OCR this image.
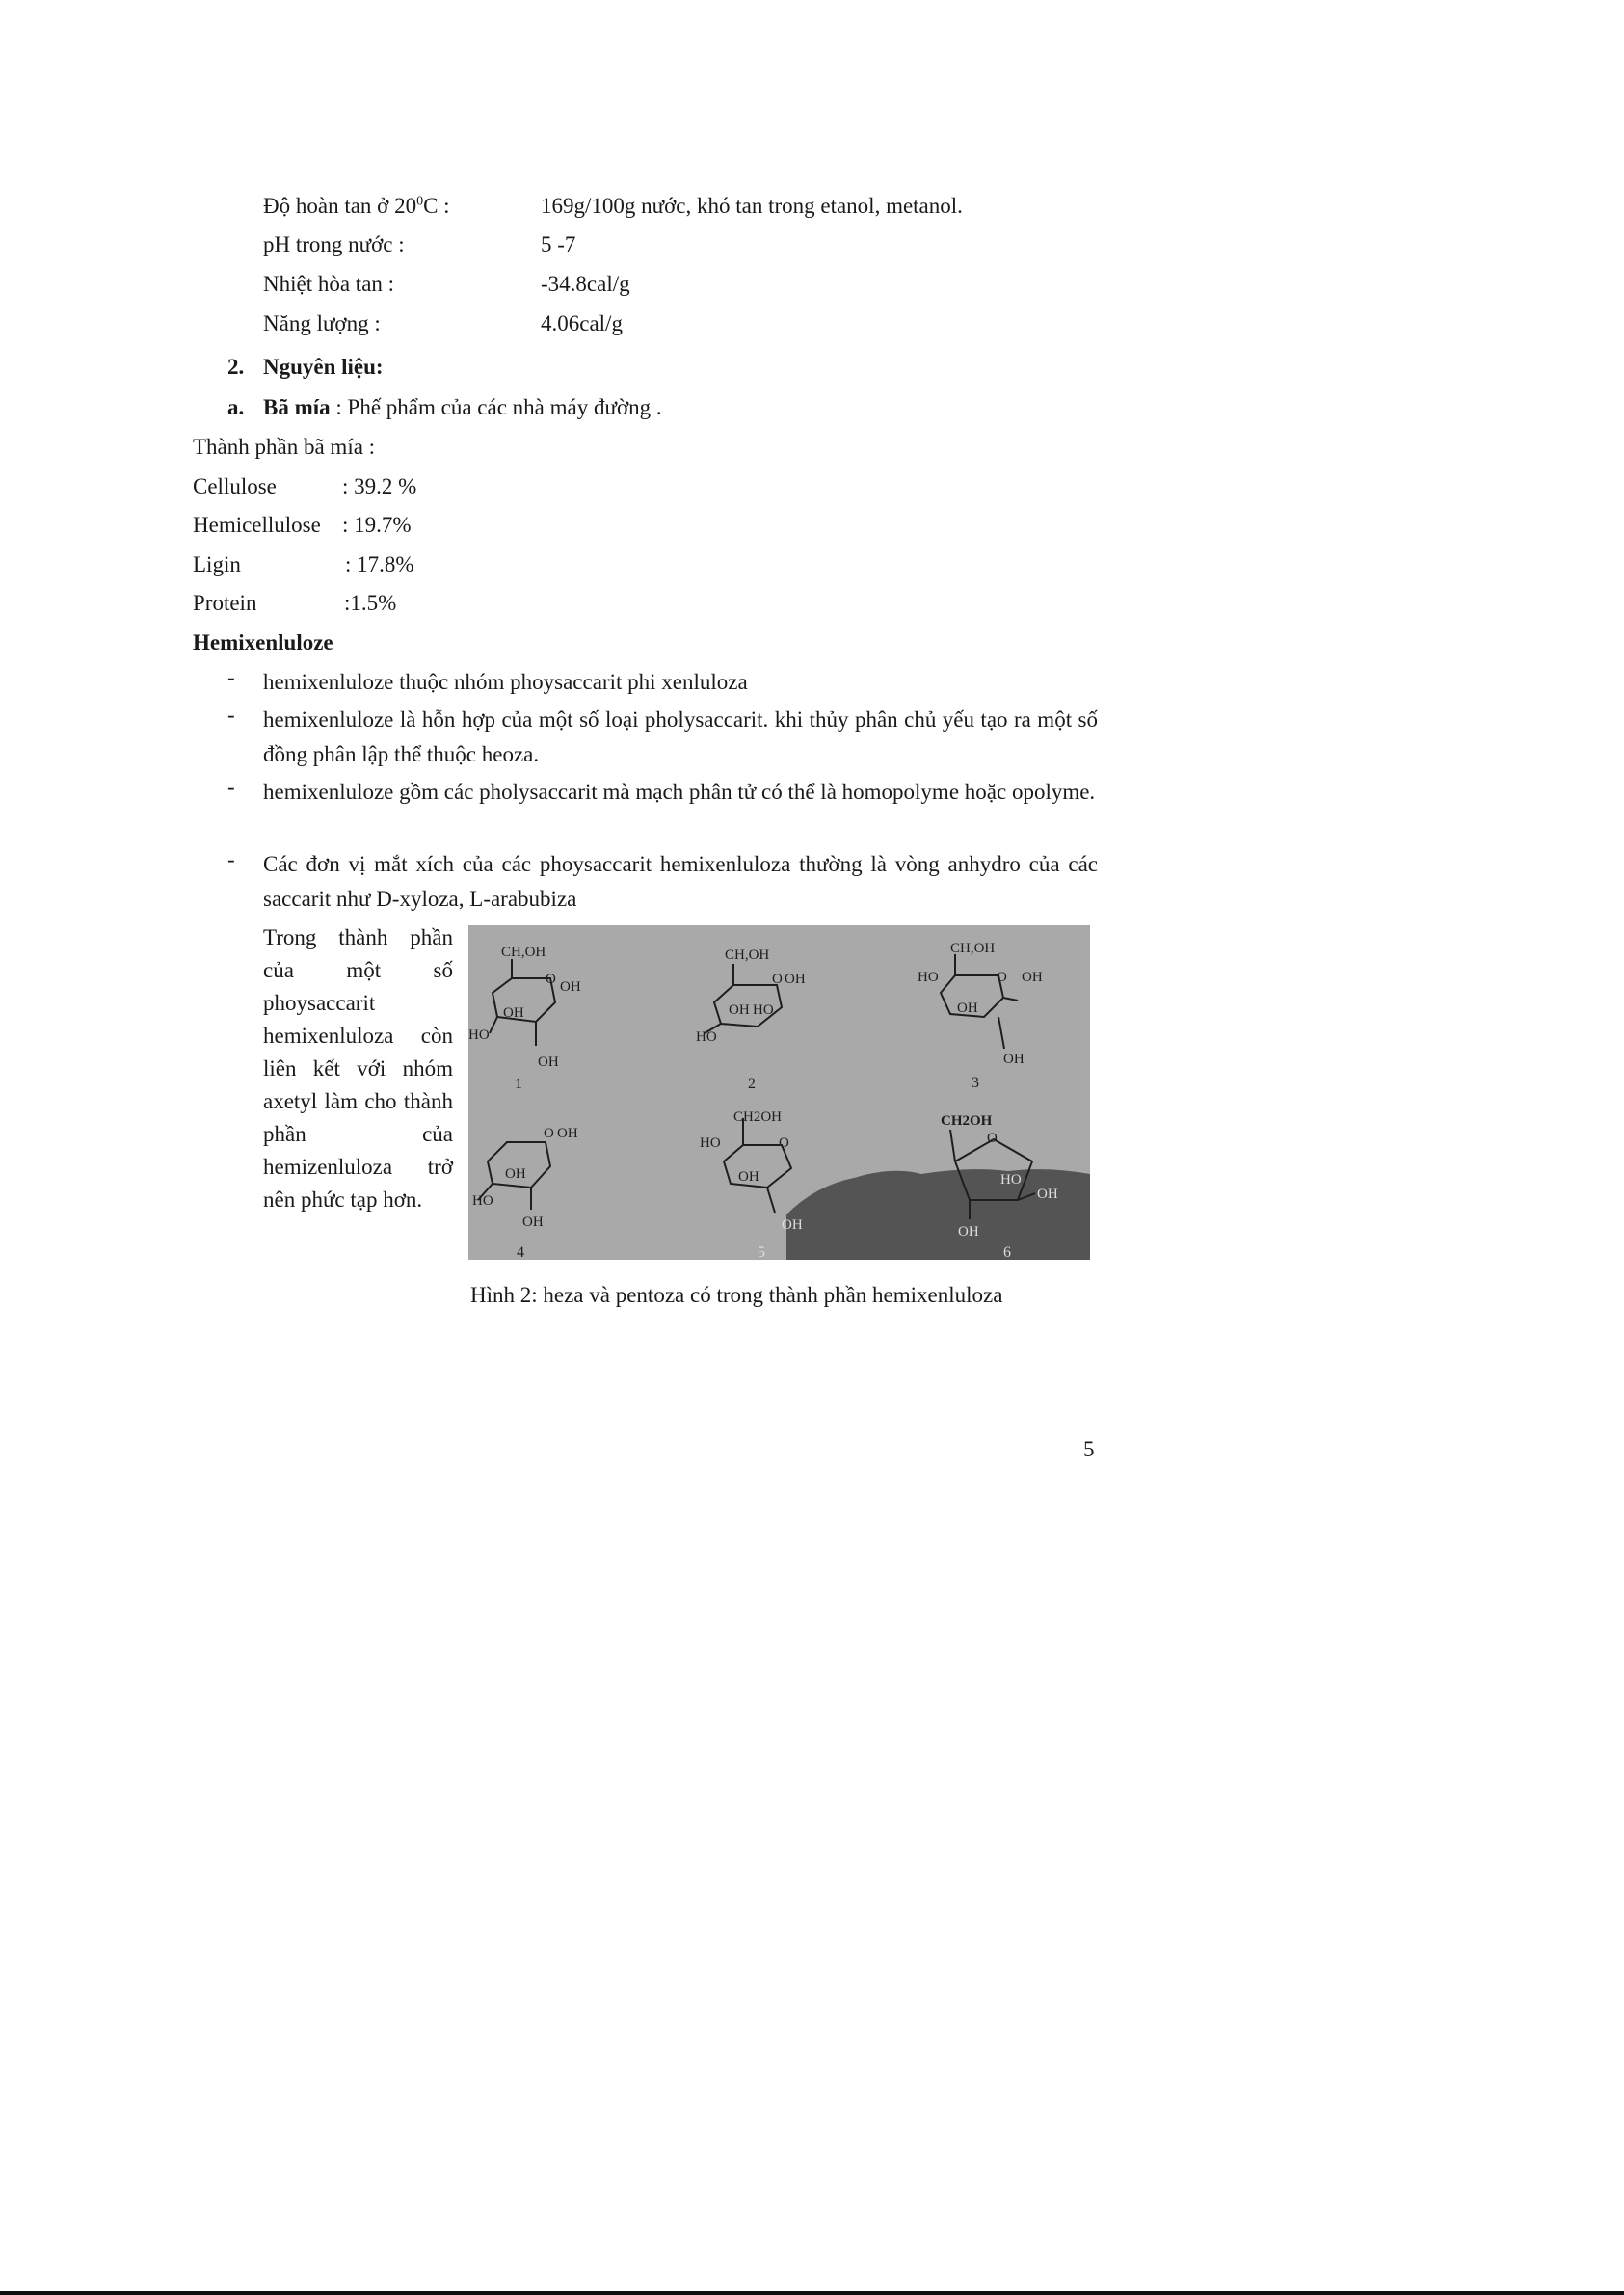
Độ hoàn tan ở $20^0C$ :	169g/100g nước, khó tan trong etanol, metanol.
pH trong nước :	5 -7
Nhiệt hòa tan :	-34.8cal/g
Năng lượng :	4.06cal/g
2. Nguyên liệu:
a. Bã mía : Phế phẩm của các nhà máy đường .
Thành phần bã mía :
Cellulose	: 39.2 %
Hemicellulose : 19.7%
Ligin	: 17.8%
Protein	:1.5%
Hemixenluloze
- hemixenluloze thuộc nhóm phoysaccarit phi xenluloza
- hemixenluloze là hỗn hợp của một số loại pholysaccarit. khi thủy phân chủ yếu tạo ra một số đồng phân lập thể thuộc heoza.
- hemixenluloze gồm các pholysaccarit mà mạch phân tử có thể là homopolyme hoặc opolyme.
- Các đơn vị mắt xích của các phoysaccarit hemixenluloza thường là vòng anhydro của các saccarit như D-xyloza, L-arabubiza
Trong thành phần của một số phoysaccarit hemixenluloza còn liên kết với nhóm axetyl làm cho thành phần của hemizenluloza trở nên phức tạp hơn.
CH,OH
O OH
OH
HO
OH
1
CH,OH
O OH
OH HO
HO
2
CH,OH
HO	O OH
OH
OH
3
O OH
OH
HO
OH
4
CH2OH
HO	O
OH
OH
5
CH2OH
O
HO
OH
OH
6
Hình 2: heza và pentoza có trong thành phần hemixenluloza
5
